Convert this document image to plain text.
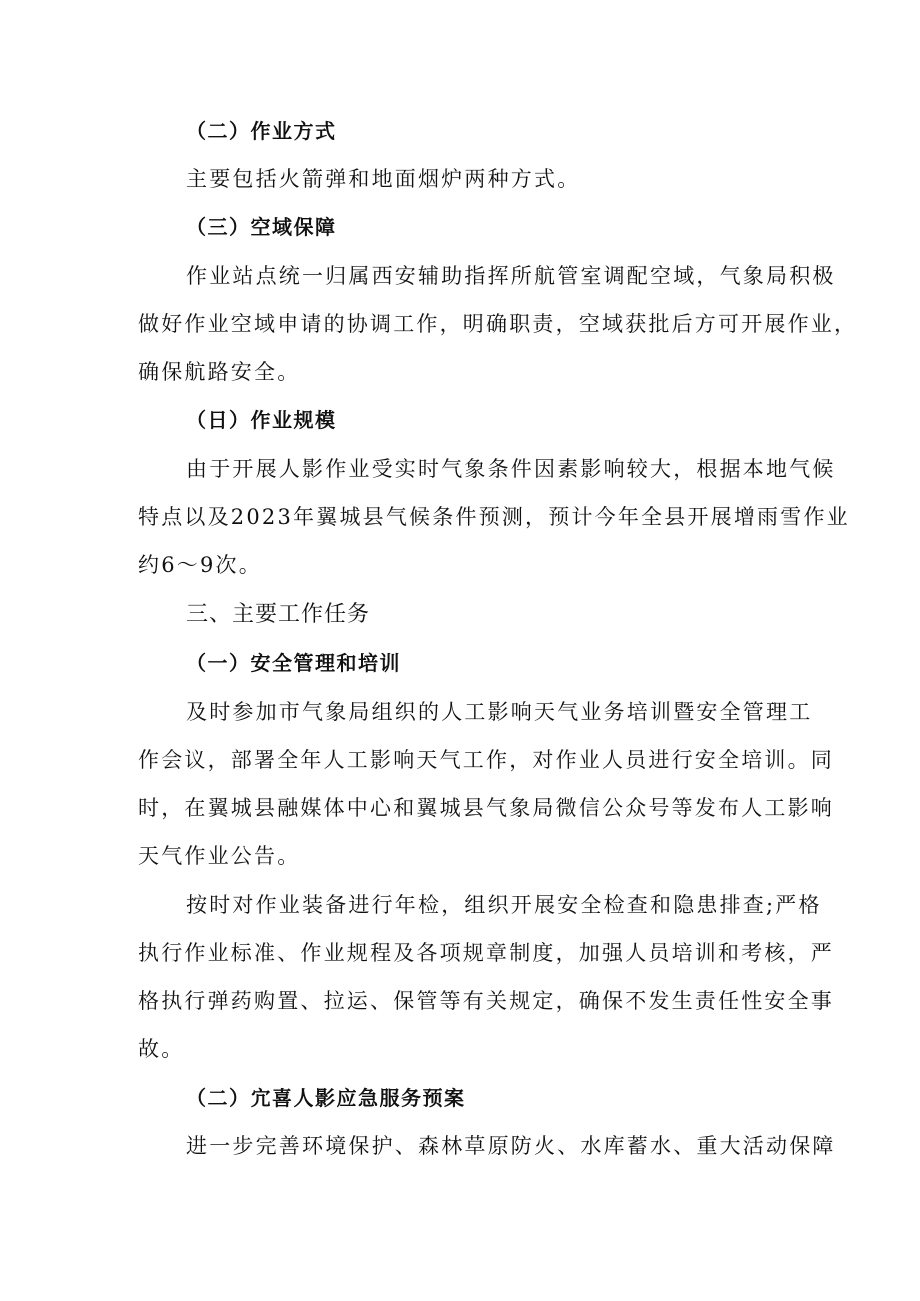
（二）作业方式
主要包括火箭弹和地面烟炉两种方式。
（三）空域保障
作业站点统一归属西安辅助指挥所航管室调配空域，气象局积极
做好作业空域申请的协调工作，明确职责，空域获批后方可开展作业，
确保航路安全。
（日）作业规模
由于开展人影作业受实时气象条件因素影响较大，根据本地气候
特点以及2023年翼城县气候条件预测，预计今年全县开展增雨雪作业
约6～9次。
三、主要工作任务
（一）安全管理和培训
及时参加市气象局组织的人工影响天气业务培训暨安全管理工
作会议，部署全年人工影响天气工作，对作业人员进行安全培训。同
时，在翼城县融媒体中心和翼城县气象局微信公众号等发布人工影响
天气作业公告。
按时对作业装备进行年检，组织开展安全检查和隐患排查;严格
执行作业标准、作业规程及各项规章制度，加强人员培训和考核，严
格执行弹药购置、拉运、保管等有关规定，确保不发生责任性安全事
故。
（二）宂喜人影应急服务预案
进一步完善环境保护、森林草原防火、水库蓄水、重大活动保障
